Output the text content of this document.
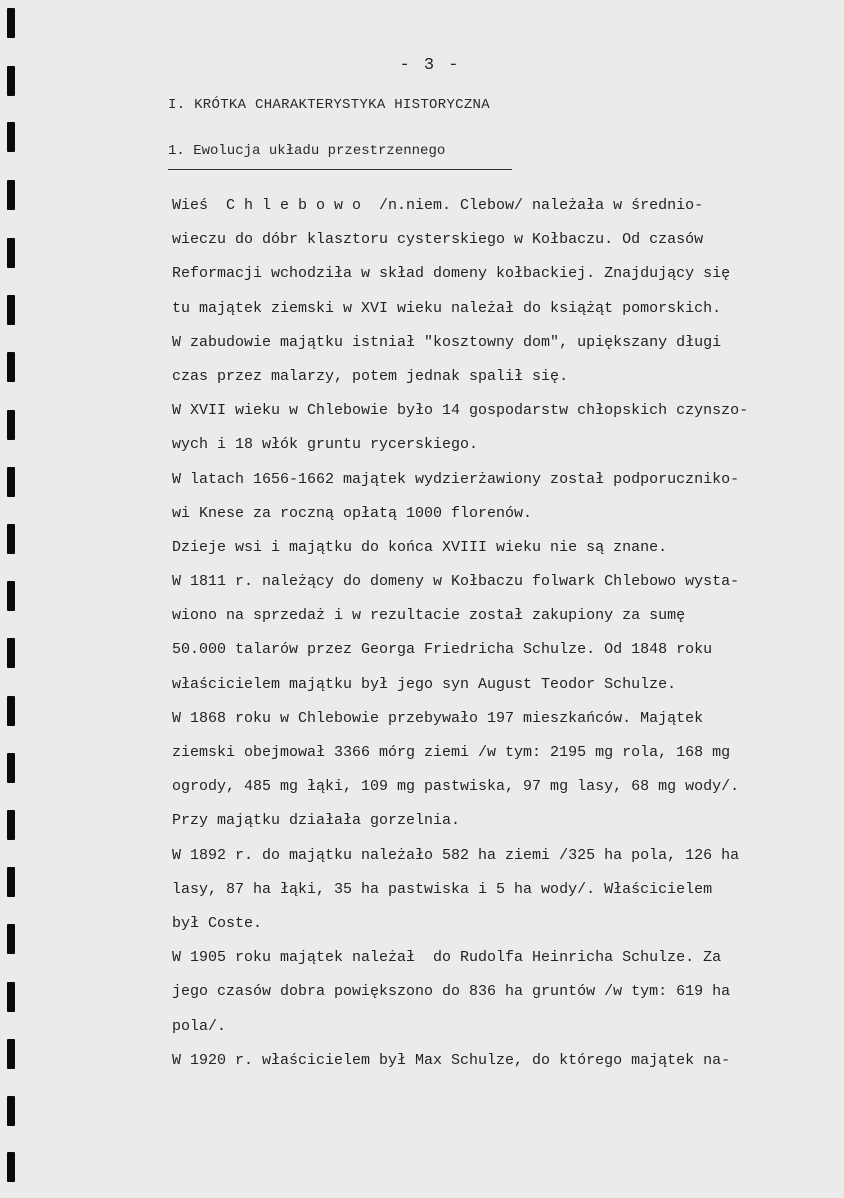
- 3 -
I. KRÓTKA CHARAKTERYSTYKA HISTORYCZNA
1. Ewolucja układu przestrzennego
Wieś  C h l e b o w o  /n.niem. Clebow/ należała w średnio-
wieczu do dóbr klasztoru cysterskiego w Kołbaczu. Od czasów
Reformacji wchodziła w skład domeny kołbackiej. Znajdujący się
tu majątek ziemski w XVI wieku należał do książąt pomorskich.
W zabudowie majątku istniał "kosztowny dom", upiększany długi
czas przez malarzy, potem jednak spalił się.
W XVII wieku w Chlebowie było 14 gospodarstw chłopskich czynszo-
wych i 18 włók gruntu rycerskiego.
W latach 1656-1662 majątek wydzierżawiony został podporuczniko-
wi Knese za roczną opłatą 1000 florenów.
Dzieje wsi i majątku do końca XVIII wieku nie są znane.
W 1811 r. należący do domeny w Kołbaczu folwark Chlebowo wysta-
wiono na sprzedaż i w rezultacie został zakupiony za sumę
50.000 talarów przez Georga Friedricha Schulze. Od 1848 roku
właścicielem majątku był jego syn August Teodor Schulze.
W 1868 roku w Chlebowie przebywało 197 mieszkańców. Majątek
ziemski obejmował 3366 mórg ziemi /w tym: 2195 mg rola, 168 mg
ogrody, 485 mg łąki, 109 mg pastwiska, 97 mg lasy, 68 mg wody/.
Przy majątku działała gorzelnia.
W 1892 r. do majątku należało 582 ha ziemi /325 ha pola, 126 ha
lasy, 87 ha łąki, 35 ha pastwiska i 5 ha wody/. Właścicielem
był Coste.
W 1905 roku majątek należał  do Rudolfa Heinricha Schulze. Za
jego czasów dobra powiększono do 836 ha gruntów /w tym: 619 ha
pola/.
W 1920 r. właścicielem był Max Schulze, do którego majątek na-
